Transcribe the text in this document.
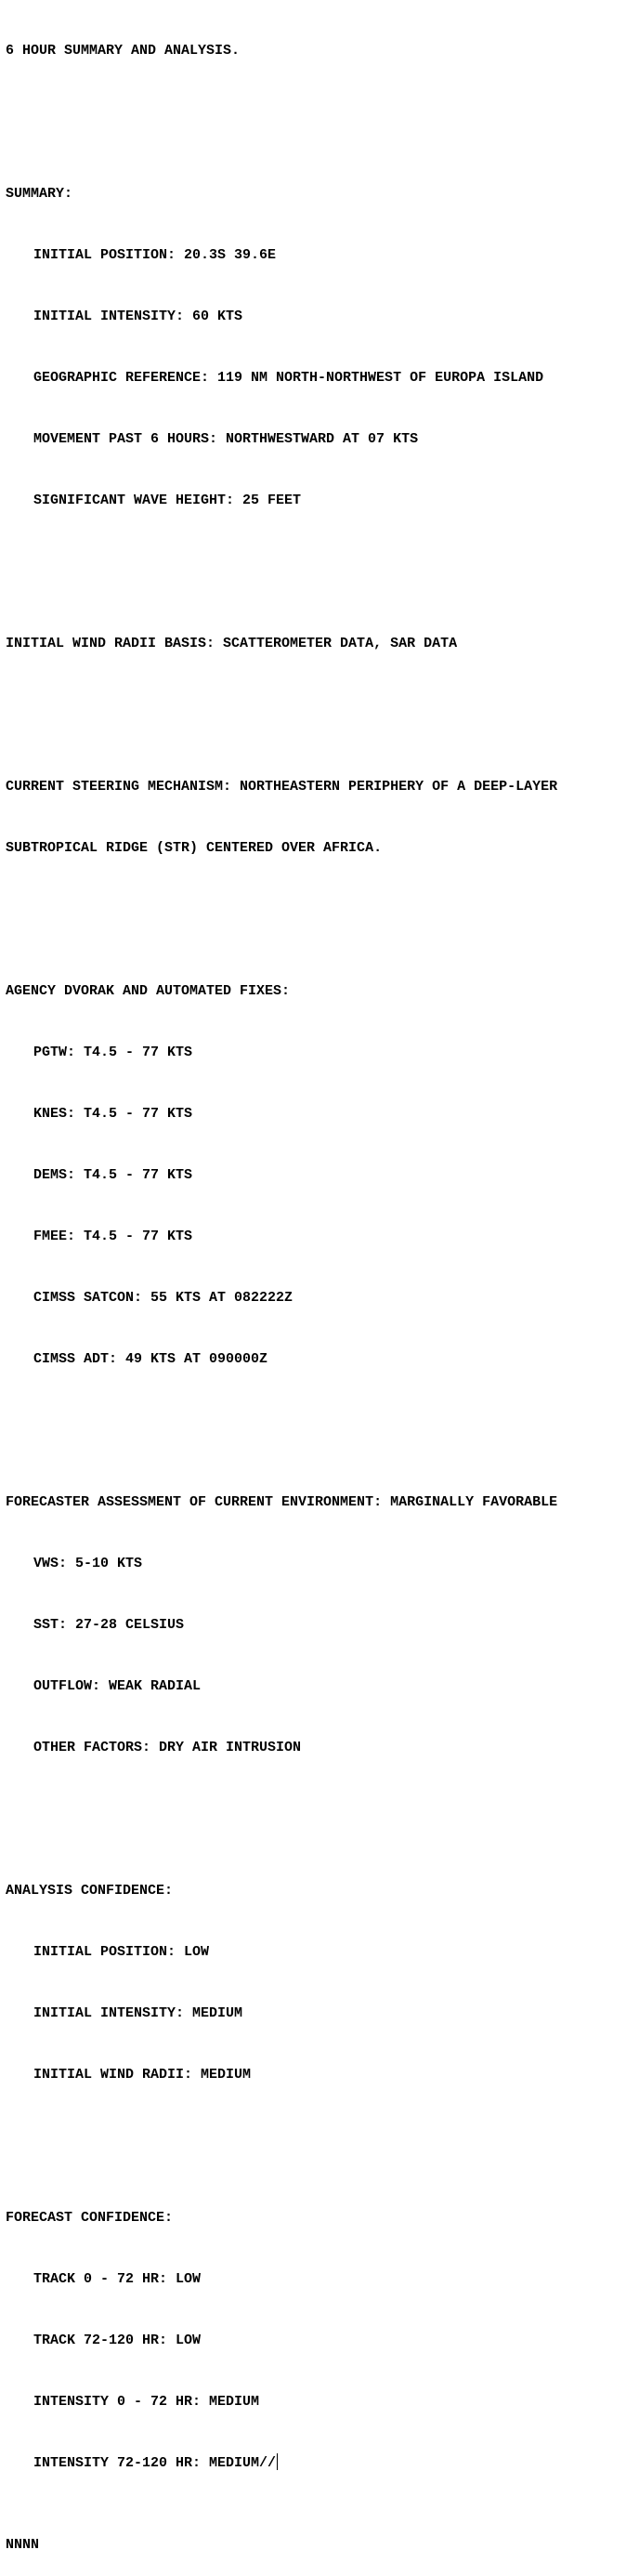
6 HOUR SUMMARY AND ANALYSIS.

SUMMARY:

INITIAL POSITION: 20.3S 39.6E

INITIAL INTENSITY: 60 KTS

GEOGRAPHIC REFERENCE: 119 NM NORTH-NORTHWEST OF EUROPA ISLAND

MOVEMENT PAST 6 HOURS: NORTHWESTWARD AT 07 KTS

SIGNIFICANT WAVE HEIGHT: 25 FEET

INITIAL WIND RADII BASIS: SCATTEROMETER DATA, SAR DATA

CURRENT STEERING MECHANISM: NORTHEASTERN PERIPHERY OF A DEEP-LAYER

SUBTROPICAL RIDGE (STR) CENTERED OVER AFRICA.

AGENCY DVORAK AND AUTOMATED FIXES:

PGTW: T4.5 - 77 KTS

KNES: T4.5 - 77 KTS

DEMS: T4.5 - 77 KTS

FMEE: T4.5 - 77 KTS

CIMSS SATCON: 55 KTS AT 082222Z

CIMSS ADT: 49 KTS AT 090000Z

FORECASTER ASSESSMENT OF CURRENT ENVIRONMENT: MARGINALLY FAVORABLE

VWS: 5-10 KTS

SST: 27-28 CELSIUS

OUTFLOW: WEAK RADIAL

OTHER FACTORS: DRY AIR INTRUSION

ANALYSIS CONFIDENCE:

INITIAL POSITION: LOW

INITIAL INTENSITY: MEDIUM

INITIAL WIND RADII: MEDIUM

FORECAST CONFIDENCE:

TRACK 0 - 72 HR: LOW

TRACK 72-120 HR: LOW

INTENSITY 0 - 72 HR: MEDIUM

INTENSITY 72-120 HR: MEDIUM//

NNNN
